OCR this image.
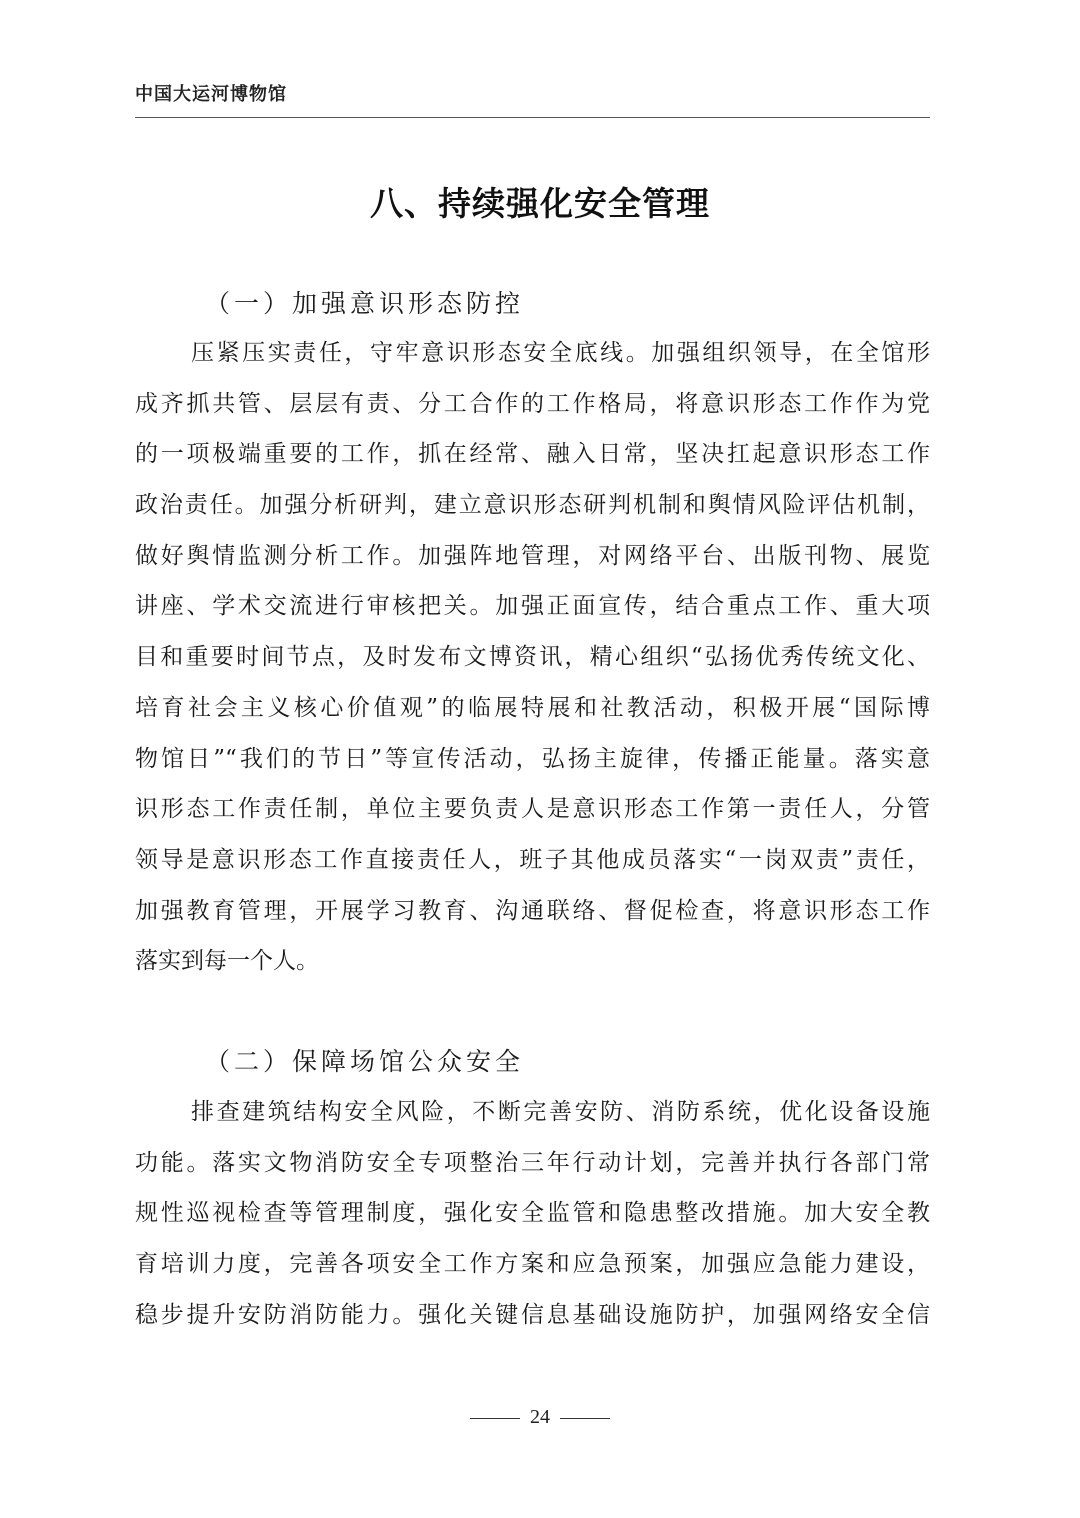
中国大运河博物馆
八、持续强化安全管理
（一）加强意识形态防控
压紧压实责任，守牢意识形态安全底线。加强组织领导，在全馆形
成齐抓共管、层层有责、分工合作的工作格局，将意识形态工作作为党
的一项极端重要的工作，抓在经常、融入日常，坚决扛起意识形态工作
政治责任。加强分析研判，建立意识形态研判机制和舆情风险评估机制，
做好舆情监测分析工作。加强阵地管理，对网络平台、出版刊物、展览
讲座、学术交流进行审核把关。加强正面宣传，结合重点工作、重大项
目和重要时间节点，及时发布文博资讯，精心组织“弘扬优秀传统文化、
培育社会主义核心价值观”的临展特展和社教活动，积极开展“国际博
物馆日”“我们的节日”等宣传活动，弘扬主旋律，传播正能量。落实意
识形态工作责任制，单位主要负责人是意识形态工作第一责任人，分管
领导是意识形态工作直接责任人，班子其他成员落实“一岗双责”责任，
加强教育管理，开展学习教育、沟通联络、督促检查，将意识形态工作
落实到每一个人。
（二）保障场馆公众安全
排查建筑结构安全风险，不断完善安防、消防系统，优化设备设施
功能。落实文物消防安全专项整治三年行动计划，完善并执行各部门常
规性巡视检查等管理制度，强化安全监管和隐患整改措施。加大安全教
育培训力度，完善各项安全工作方案和应急预案，加强应急能力建设，
稳步提升安防消防能力。强化关键信息基础设施防护，加强网络安全信
24
